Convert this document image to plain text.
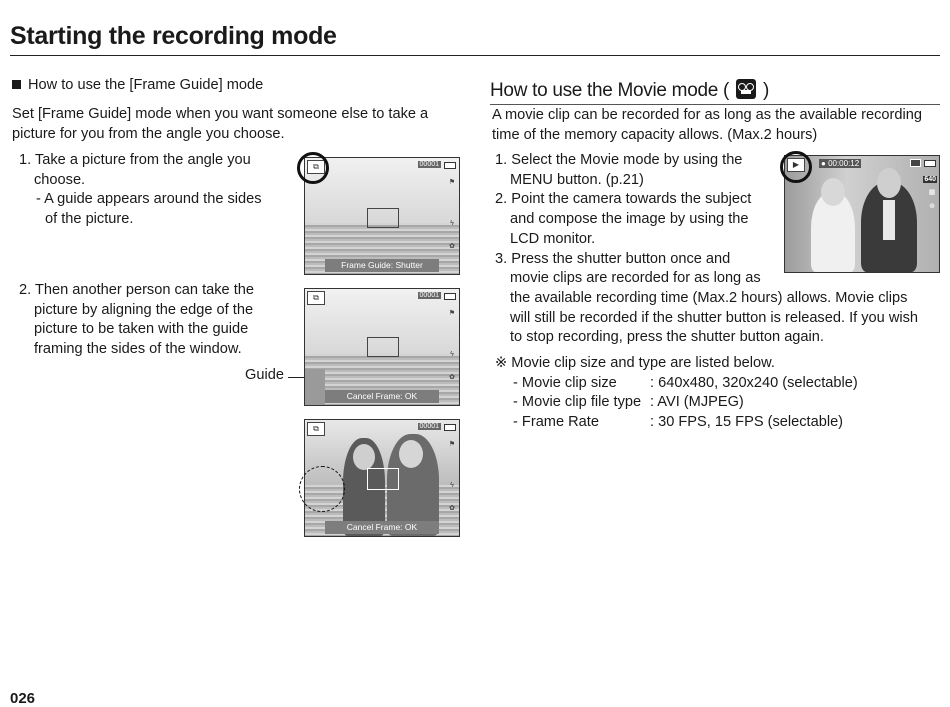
Starting the recording mode
How to use the [Frame Guide] mode
Set [Frame Guide] mode when you want someone else to take a
picture for you from the angle you choose.
1. Take a picture from the angle you
choose.
- A guide appears around the sides
of the picture.
2. Then another person can take the
picture by aligning the edge of the
picture to be taken with the guide
framing the sides of the window.
Guide
⧉	00001
⚑
ϟ
✿
Frame Guide: Shutter
⧉	00001
⚑
ϟ
✿
Cancel Frame: OK
⧉	00001
⚑
ϟ
✿
Cancel Frame: OK
How to use the Movie mode ( )
A movie clip can be recorded for as long as the available recording
time of the memory capacity allows. (Max.2 hours)
1. Select the Movie mode by using the
MENU button. (p.21)
2. Point the camera towards the subject
and compose the image by using the
LCD monitor.
3. Press the shutter button once and
movie clips are recorded for as long as
the available recording time (Max.2 hours) allows. Movie clips
will still be recorded if the shutter button is released. If you wish
to stop recording, press the shutter button again.
※ Movie clip size and type are listed below.
- Movie clip size	: 640x480, 320x240 (selectable)
- Movie clip file type : AVI (MJPEG)
- Frame Rate	: 30 FPS, 15 FPS (selectable)
▶	● 00:00:12
640
▦
⊕
026
